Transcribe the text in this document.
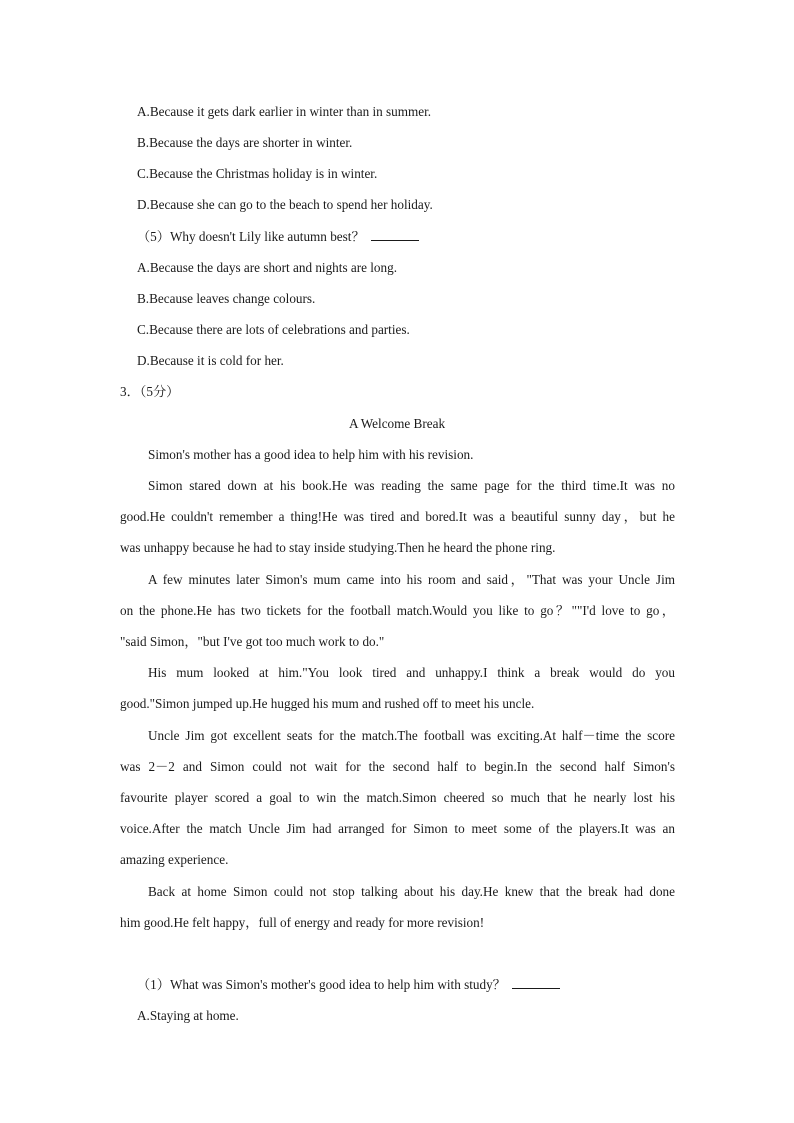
A.Because it gets dark earlier in winter than in summer.
B.Because the days are shorter in winter.
C.Because the Christmas holiday is in winter.
D.Because she can go to the beach to spend her holiday.
（5）Why doesn't Lily like autumn best？
A.Because the days are short and nights are long.
B.Because leaves change colours.
C.Because there are lots of celebrations and parties.
D.Because it is cold for her.
3．（5分）
A Welcome Break
Simon's mother has a good idea to help him with his revision.
Simon stared down at his book.He was reading the same page for the third time.It was no
good.He couldn't remember a thing!He was tired and bored.It was a beautiful sunny day，but he
was unhappy because he had to stay inside studying.Then he heard the phone ring.
A few minutes later Simon's mum came into his room and said，"That was your Uncle Jim
on the phone.He has two tickets for the football match.Would you like to go？""I'd love to go，
"said Simon，"but I've got too much work to do."
His mum looked at him."You look tired and unhappy.I think a break would do you
good."Simon jumped up.He hugged his mum and rushed off to meet his uncle.
Uncle Jim got excellent seats for the match.The football was exciting.At half－time the score
was 2－2 and Simon could not wait for the second half to begin.In the second half Simon's
favourite player scored a goal to win the match.Simon cheered so much that he nearly lost his
voice.After the match Uncle Jim had arranged for Simon to meet some of the players.It was an
amazing experience.
Back at home Simon could not stop talking about his day.He knew that the break had done
him good.He felt happy，full of energy and ready for more revision!
（1）What was Simon's mother's good idea to help him with study？
A.Staying at home.
